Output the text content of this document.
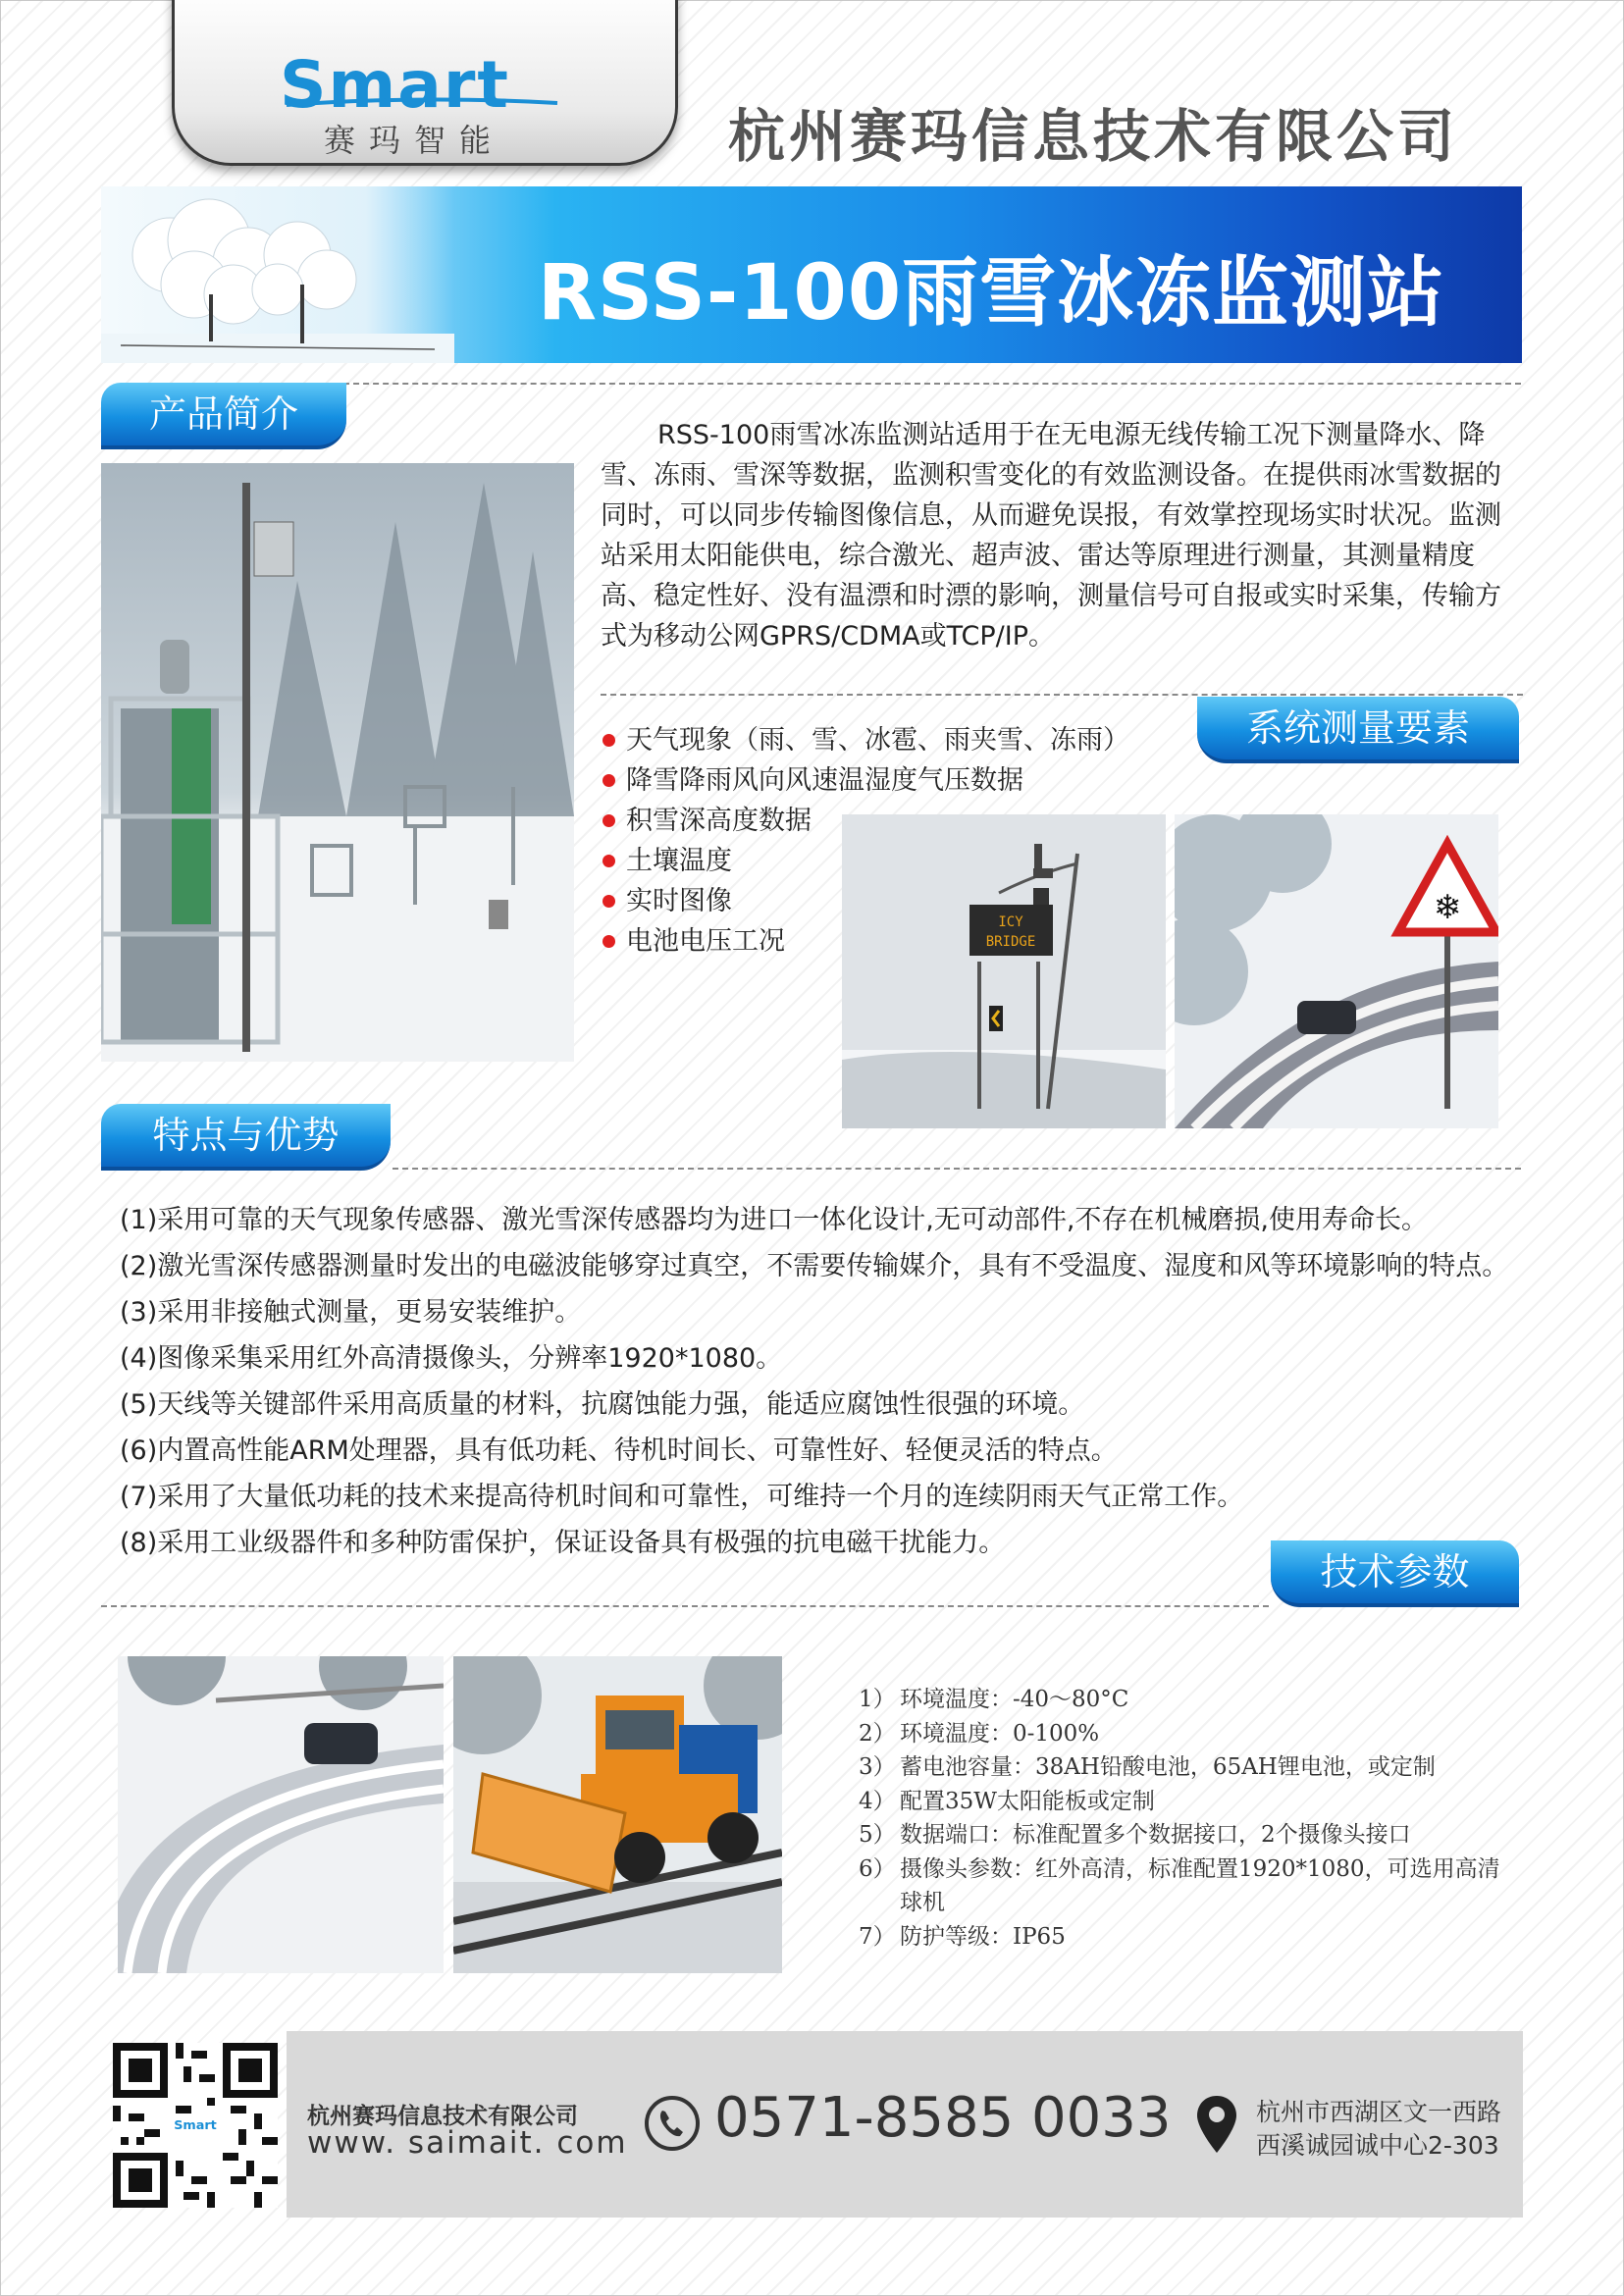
Smart
赛玛智能	杭州赛玛信息技术有限公司
RSS-100雨雪冰冻监测站
产品简介	RSS-100雨雪冰冻监测站适用于在无电源无线传输工况下测量降水、降雪、冻雨、雪深等数据，监测积雪变化的有效监测设备。在提供雨冰雪数据的同时，可以同步传输图像信息，从而避免误报，有效掌控现场实时状况。监测站采用太阳能供电，综合激光、超声波、雷达等原理进行测量，其测量精度高、稳定性好、没有温漂和时漂的影响，测量信号可自报或实时采集，传输方式为移动公网GPRS/CDMA或TCP/IP。
系统测量要素
天气现象（雨、雪、冰雹、雨夹雪、冻雨）
降雪降雨风向风速温湿度气压数据
积雪深高度数据
土壤温度
实时图像
电池电压工况
ICY
BRIDGE
❄
特点与优势
(1)采用可靠的天气现象传感器、激光雪深传感器均为进口一体化设计,无可动部件,不存在机械磨损,使用寿命长。
(2)激光雪深传感器测量时发出的电磁波能够穿过真空，不需要传输媒介，具有不受温度、湿度和风等环境影响的特点。
(3)采用非接触式测量，更易安装维护。
(4)图像采集采用红外高清摄像头，分辨率1920*1080。
(5)天线等关键部件采用高质量的材料，抗腐蚀能力强，能适应腐蚀性很强的环境。
(6)内置高性能ARM处理器，具有低功耗、待机时间长、可靠性好、轻便灵活的特点。
(7)采用了大量低功耗的技术来提高待机时间和可靠性，可维持一个月的连续阴雨天气正常工作。
(8)采用工业级器件和多种防雷保护，保证设备具有极强的抗电磁干扰能力。
技术参数
1） 环境温度：-40～80°C
2） 环境温度：0-100%
3） 蓄电池容量：38AH铅酸电池，65AH锂电池，或定制
4） 配置35W太阳能板或定制
5） 数据端口：标准配置多个数据接口，2个摄像头接口
6） 摄像头参数：红外高清，标准配置1920*1080，可选用高清球机
7） 防护等级：IP65
Smart	杭州赛玛信息技术有限公司
www. saimait. com 0571-8585 0033	杭州市西湖区文一西路
西溪诚园诚中心2-303
